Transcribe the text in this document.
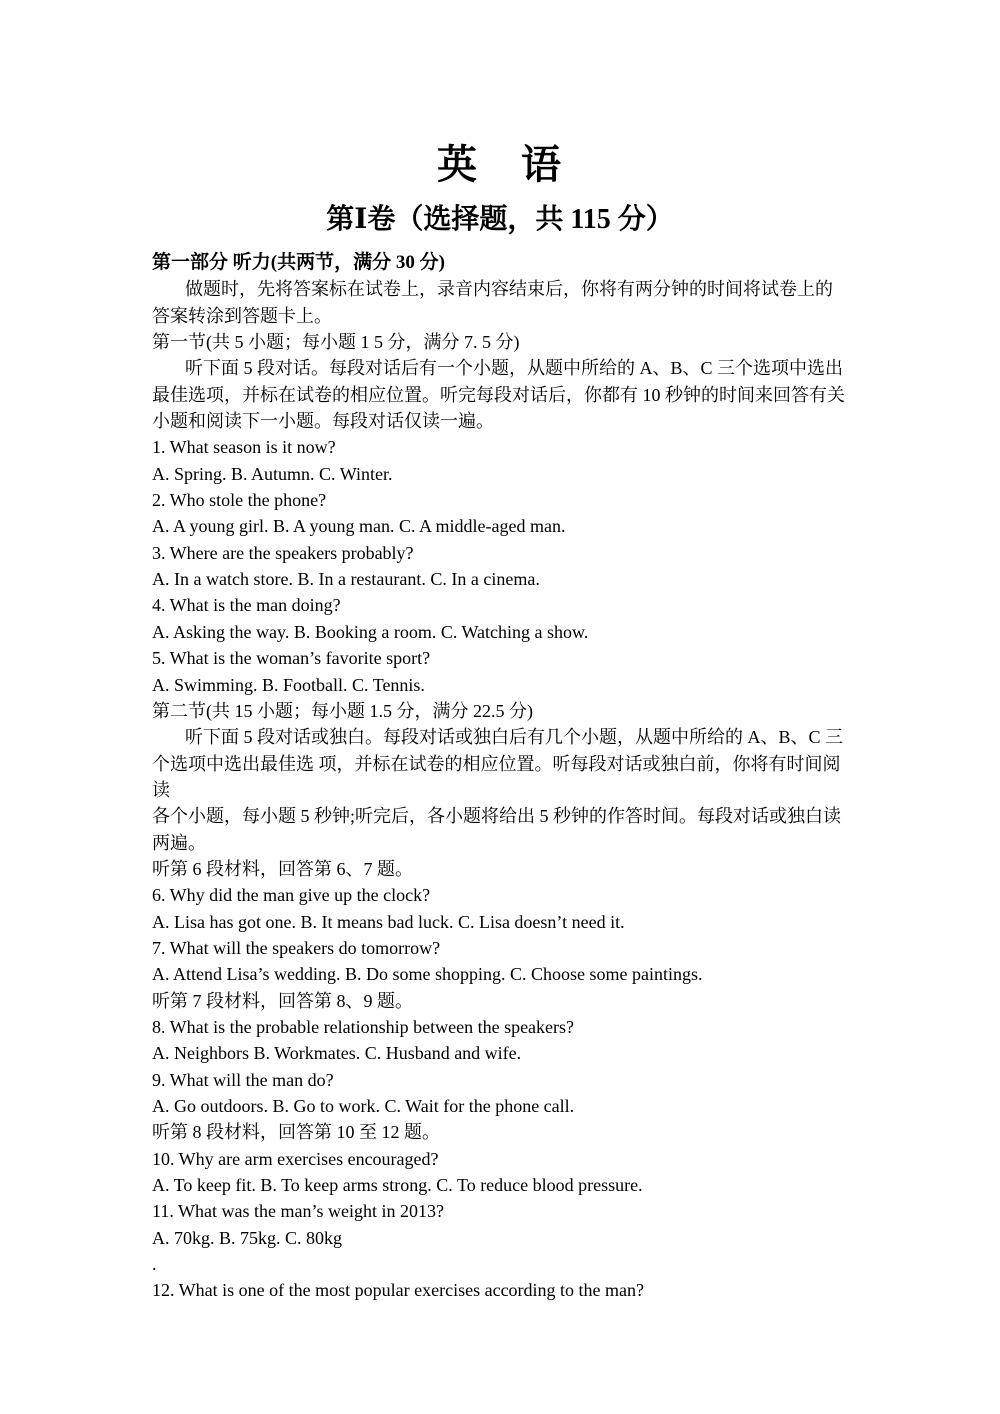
英　语
第Ⅰ卷（选择题，共 115 分）
第一部分 听力(共两节，满分 30 分)
做题时，先将答案标在试卷上，录音内容结束后，你将有两分钟的时间将试卷上的
答案转涂到答题卡上。
第一节(共 5 小题；每小题 1 5 分，满分 7. 5 分)
听下面 5 段对话。每段对话后有一个小题，从题中所给的 A、B、C 三个选项中选出
最佳选项，并标在试卷的相应位置。听完每段对话后，你都有 10 秒钟的时间来回答有关
小题和阅读下一小题。每段对话仅读一遍。
1. What season is it now?
A. Spring. B. Autumn. C. Winter.
2. Who stole the phone?
A. A young girl. B. A young man. C. A middle-aged man.
3. Where are the speakers probably?
A. In a watch store. B. In a restaurant. C. In a cinema.
4. What is the man doing?
A. Asking the way. B. Booking a room. C. Watching a show.
5. What is the woman’s favorite sport?
A. Swimming. B. Football. C. Tennis.
第二节(共 15 小题；每小题 1.5 分，满分 22.5 分)
听下面 5 段对话或独白。每段对话或独白后有几个小题，从题中所给的 A、B、C 三
个选项中选出最佳选 项，并标在试卷的相应位置。听每段对话或独白前，你将有时间阅读
各个小题，每小题 5 秒钟;听完后，各小题将给出 5 秒钟的作答时间。每段对话或独白读
两遍。
听第 6 段材料，回答第 6、7 题。
6. Why did the man give up the clock?
A. Lisa has got one. B. It means bad luck. C. Lisa doesn’t need it.
7. What will the speakers do tomorrow?
A. Attend Lisa’s wedding. B. Do some shopping. C. Choose some paintings.
听第 7 段材料，回答第 8、9 题。
8. What is the probable relationship between the speakers?
A. Neighbors B. Workmates. C. Husband and wife.
9. What will the man do?
A. Go outdoors. B. Go to work. C. Wait for the phone call.
听第 8 段材料，回答第 10 至 12 题。
10. Why are arm exercises encouraged?
A. To keep fit. B. To keep arms strong. C. To reduce blood pressure.
11. What was the man’s weight in 2013?
A. 70kg. B. 75kg. C. 80kg
.
12. What is one of the most popular exercises according to the man?
